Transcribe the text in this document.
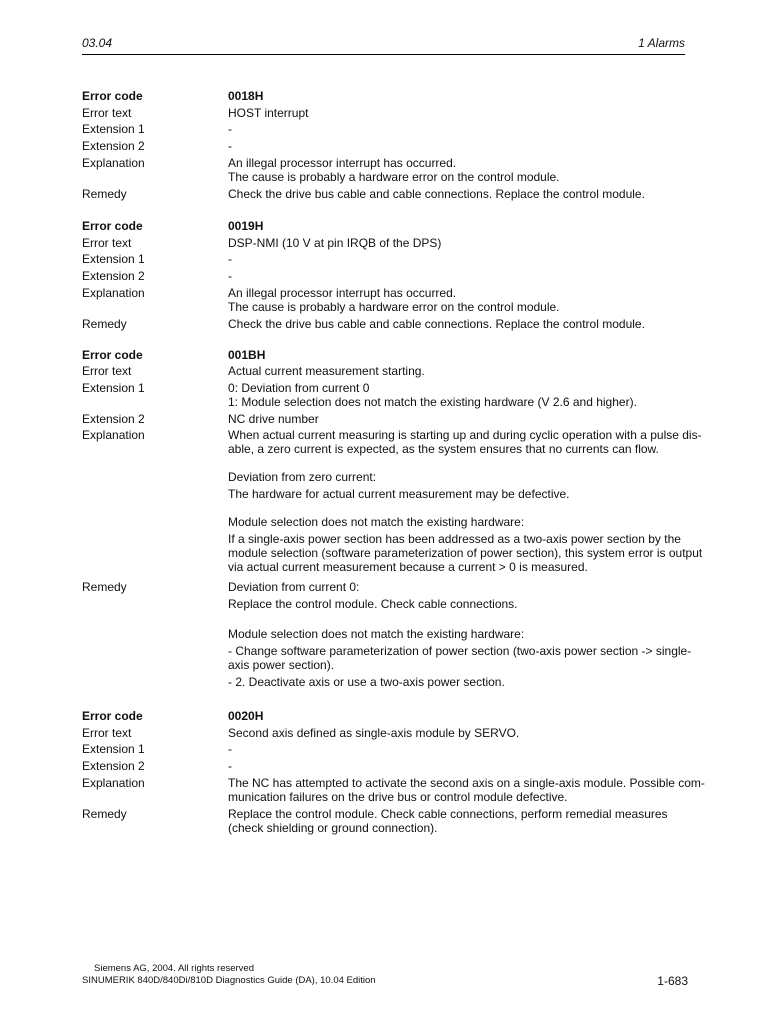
03.04	1 Alarms
Error code	0018H
Error text	HOST interrupt
Extension 1	-
Extension 2	-
Explanation	An illegal processor interrupt has occurred.
The cause is probably a hardware error on the control module.
Remedy	Check the drive bus cable and cable connections. Replace the control module.
Error code	0019H
Error text	DSP-NMI (10 V at pin IRQB of the DPS)
Extension 1	-
Extension 2	-
Explanation	An illegal processor interrupt has occurred.
The cause is probably a hardware error on the control module.
Remedy	Check the drive bus cable and cable connections. Replace the control module.
Error code	001BH
Error text	Actual current measurement starting.
Extension 1	0: Deviation from current 0
1: Module selection does not match the existing hardware (V 2.6 and higher).
Extension 2	NC drive number
Explanation	When actual current measuring is starting up and during cyclic operation with a pulse dis-
able, a zero current is expected, as the system ensures that no currents can flow.
Deviation from zero current:
The hardware for actual current measurement may be defective.
Module selection does not match the existing hardware:
If a single-axis power section has been addressed as a two-axis power section by the
module selection (software parameterization of power section), this system error is output
via actual current measurement because a current > 0 is measured.
Remedy	Deviation from current 0:
Replace the control module. Check cable connections.
Module selection does not match the existing hardware:
- Change software parameterization of power section (two-axis power section -> single-
axis power section).
- 2. Deactivate axis or use a two-axis power section.
Error code	0020H
Error text	Second axis defined as single-axis module by SERVO.
Extension 1	-
Extension 2	-
Explanation	The NC has attempted to activate the second axis on a single-axis module. Possible com-
munication failures on the drive bus or control module defective.
Remedy	Replace the control module. Check cable connections, perform remedial measures
(check shielding or ground connection).
Siemens AG, 2004. All rights reserved
SINUMERIK 840D/840Di/810D Diagnostics Guide (DA), 10.04 Edition	1-683
